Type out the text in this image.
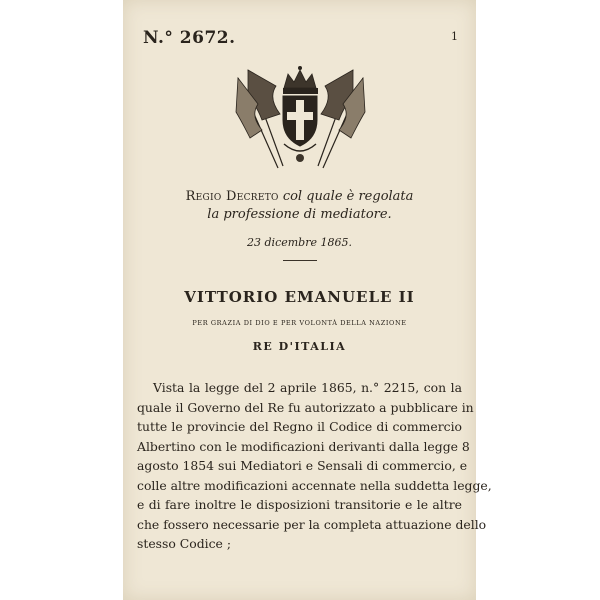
N.° 2672.	1
Regio Decreto col quale è regolata
la professione di mediatore.
23 dicembre 1865.
VITTORIO EMANUELE II
PER GRAZIA DI DIO E PER VOLONTÀ DELLA NAZIONE
RE D'ITALIA
Vista la legge del 2 aprile 1865, n.° 2215, con la
quale il Governo del Re fu autorizzato a pubblicare in
tutte le provincie del Regno il Codice di commercio
Albertino con le modificazioni derivanti dalla legge 8
agosto 1854 sui Mediatori e Sensali di commercio, e
colle altre modificazioni accennate nella suddetta legge,
e di fare inoltre le disposizioni transitorie e le altre
che fossero necessarie per la completa attuazione dello
stesso Codice ;
